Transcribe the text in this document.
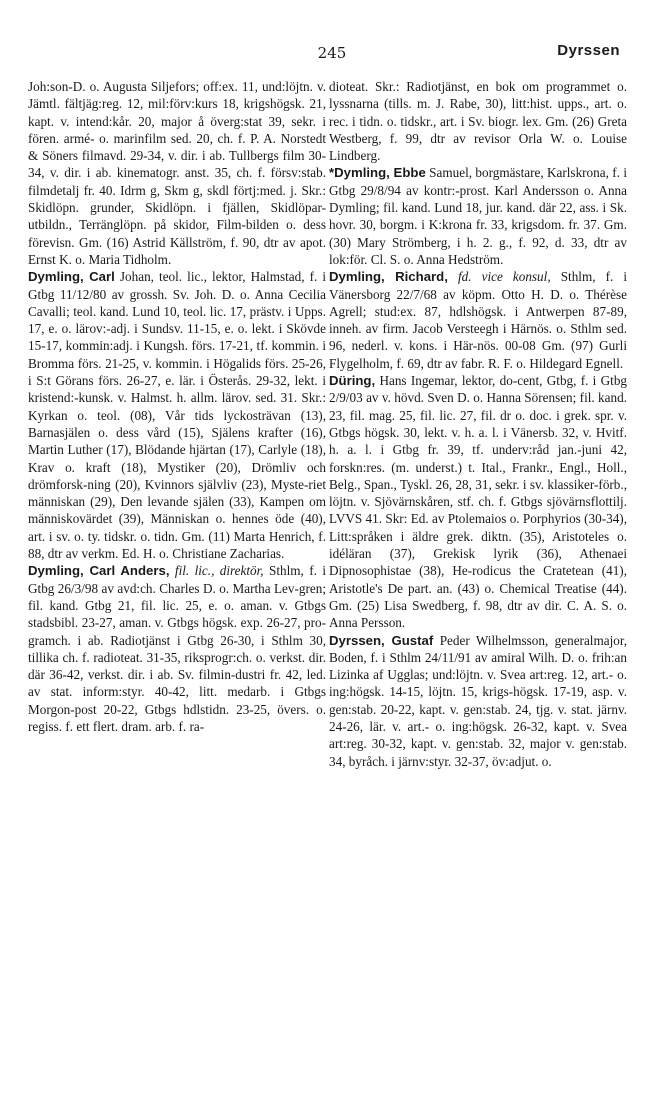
245	Dyrssen

Joh:son-D. o. Augusta Siljefors; off:ex. 11, und:löjtn. v. Jämtl. fältjäg:reg. 12, mil:förv:kurs 18, krigshögsk. 21, kapt. v. intend:kår. 20, major å överg:stat 39, sekr. i fören. armé- o. marinfilm sed. 20, ch. f. P. A. Norstedt & Söners filmavd. 29-34, v. dir. i ab. Tullbergs film 30-34, v. dir. i ab. kinematogr. anst. 35, ch. f. försv:stab. filmdetalj fr. 40. Idrm g, Skm g, skdl förtj:med. j. Skr.: Skidlöpn. grunder, Skidlöpn. i fjällen, Skidlöpar-utbildn., Terränglöpn. på skidor, Film-bilden o. dess förevisn. Gm. (16) Astrid Källström, f. 90, dtr av apot. Ernst K. o. Maria Tidholm.

Dymling, Carl Johan, teol. lic., lektor, Halmstad, f. i Gtbg 11/12/80 av grossh. Sv. Joh. D. o. Anna Cecilia Cavalli; teol. kand. Lund 10, teol. lic. 17, prästv. i Upps. 17, e. o. lärov:-adj. i Sundsv. 11-15, e. o. lekt. i Skövde 15-17, kommin:adj. i Kungsh. förs. 17-21, tf. kommin. i Bromma förs. 21-25, v. kommin. i Högalids förs. 25-26, i S:t Görans förs. 26-27, e. lär. i Österås. 29-32, lekt. i kristend:-kunsk. v. Halmst. h. allm. lärov. sed. 31. Skr.: Kyrkan o. teol. (08), Vår tids lyckosträvan (13), Barnasjälen o. dess vård (15), Själens krafter (16), Martin Luther (17), Blödande hjärtan (17), Carlyle (18), Krav o. kraft (18), Mystiker (20), Drömliv och drömforsk-ning (20), Kvinnors självliv (23), Myste-riet människan (29), Den levande själen (33), Kampen om människovärdet (39), Människan o. hennes öde (40), art. i sv. o. ty. tidskr. o. tidn. Gm. (11) Marta Henrich, f. 88, dtr av verkm. Ed. H. o. Christiane Zacharias.

Dymling, Carl Anders, fil. lic., direktör, Sthlm, f. i Gtbg 26/3/98 av avd:ch. Charles D. o. Martha Lev-gren; fil. kand. Gtbg 21, fil. lic. 25, e. o. aman. v. Gtbgs stadsbibl. 23-27, aman. v. Gtbgs högsk. exp. 26-27, pro-gramch. i ab. Radiotjänst i Gtbg 26-30, i Sthlm 30, tillika ch. f. radioteat. 31-35, riksprogr:ch. o. verkst. dir. där 36-42, verkst. dir. i ab. Sv. filmin-dustri fr. 42, led. av stat. inform:styr. 40-42, litt. medarb. i Gtbgs Morgon-post 20-22, Gtbgs hdlstidn. 23-25, övers. o. regiss. f. ett flert. dram. arb. f. ra-

dioteat. Skr.: Radiotjänst, en bok om programmet o. lyssnarna (tills. m. J. Rabe, 30), litt:hist. upps., art. o. rec. i tidn. o. tidskr., art. i Sv. biogr. lex. Gm. (26) Greta Westberg, f. 99, dtr av revisor Orla W. o. Louise Lindberg.

*Dymling, Ebbe Samuel, borgmästare, Karlskrona, f. i Gtbg 29/8/94 av kontr:-prost. Karl Andersson o. Anna Dymling; fil. kand. Lund 18, jur. kand. där 22, ass. i Sk. hovr. 30, borgm. i K:krona fr. 33, krigsdom. fr. 37. Gm. (30) Mary Strömberg, i h. 2. g., f. 92, d. 33, dtr av lok:för. Cl. S. o. Anna Hedström.

Dymling, Richard, fd. vice konsul, Sthlm, f. i Vänersborg 22/7/68 av köpm. Otto H. D. o. Thérèse Agrell; stud:ex. 87, hdlshögsk. i Antwerpen 87-89, inneh. av firm. Jacob Versteegh i Härnös. o. Sthlm sed. 96, nederl. v. kons. i Här-nös. 00-08 Gm. (97) Gurli Flygelholm, f. 69, dtr av fabr. R. F. o. Hildegard Egnell.

Düring, Hans Ingemar, lektor, do-cent, Gtbg, f. i Gtbg 2/9/03 av v. hövd. Sven D. o. Hanna Sörensen; fil. kand. 23, fil. mag. 25, fil. lic. 27, fil. dr o. doc. i grek. spr. v. Gtbgs högsk. 30, lekt. v. h. a. l. i Vänersb. 32, v. Hvitf. h. a. l. i Gtbg fr. 39, tf. underv:råd jan.-juni 42, forskn:res. (m. underst.) t. Ital., Frankr., Engl., Holl., Belg., Span., Tyskl. 26, 28, 31, sekr. i sv. klassiker-förb., löjtn. v. Sjövärnskåren, stf. ch. f. Gtbgs sjövärnsflottilj. LVVS 41. Skr: Ed. av Ptolemaios o. Porphyrios (30-34), Litt:språken i äldre grek. diktn. (35), Aristoteles o. idéläran (37), Grekisk lyrik (36), Athenaei Dipnosophistae (38), He-rodicus the Cratetean (41), Aristotle's De part. an. (43) o. Chemical Treatise (44). Gm. (25) Lisa Swedberg, f. 98, dtr av dir. C. A. S. o. Anna Persson.

Dyrssen, Gustaf Peder Wilhelmsson, generalmajor, Boden, f. i Sthlm 24/11/91 av amiral Wilh. D. o. frih:an Lizinka af Ugglas; und:löjtn. v. Svea art:reg. 12, art.- o. ing:högsk. 14-15, löjtn. 15, krigs-högsk. 17-19, asp. v. gen:stab. 20-22, kapt. v. gen:stab. 24, tjg. v. stat. järnv. 24-26, lär. v. art.- o. ing:högsk. 26-32, kapt. v. Svea art:reg. 30-32, kapt. v. gen:stab. 32, major v. gen:stab. 34, byråch. i järnv:styr. 32-37, öv:adjut. o.
